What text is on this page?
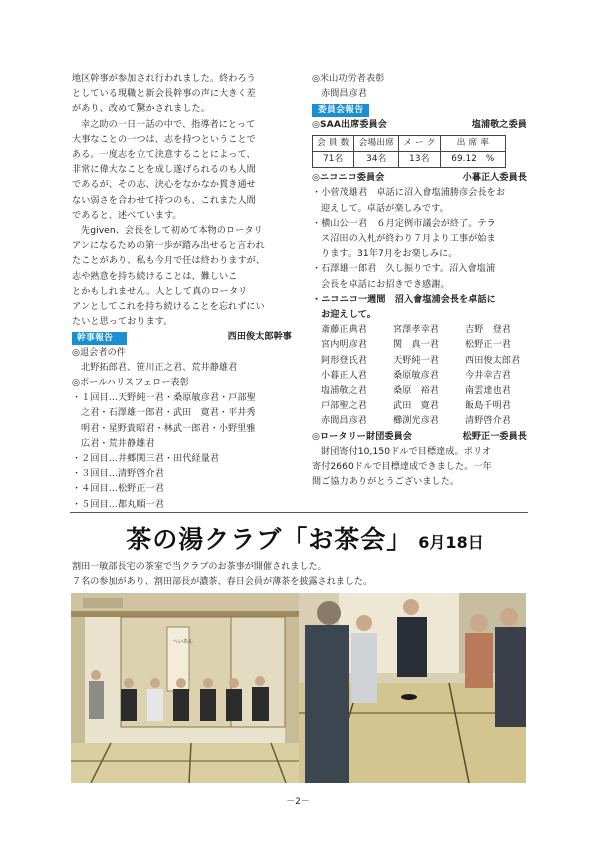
地区幹事が参加され行われました。終わろう

としている現職と新会長幹事の声に大きく差

があり、改めて驚かされました。

幸之助の一日一話の中で、指導者にとって

大事なことの一つは、志を持つということで

ある。一度志を立て決意することによって、

非常に偉大なことを成し遂げられるのも人間

であるが、その志、決心をなかなか貫き通せ

ない弱さを合わせて持つのも、これまた人間

であると、述べています。

先given、会長をして初めて本物のロータリ

アンになるための第一歩が踏み出せると言われ

たことがあり、私も今月で任は終わりますが、

志や熟意を持ち続けることは、難しいこ

とかもしれません。人として真のロータリ

アンとしてこれを持ち続けることを忘れずにい

たいと思っております。

幹事報告	西田俊太郎幹事

◎退会者の件

北野拓郎君、笹川正之君、荒井静雄君

◎ポールハリスフェロー表彰

・１回目…天野純一君・桑原敏彦君・戸部聖

之君・石澤雄一郎君・武田　寛君・平井秀

明君・星野貴昭君・林武一郎君・小野里雅

広君・荒井静雄君

・２回目…井郷関三君・田代経量君

・３回目…清野啓介君

・４回目…松野正一君

・５回目…都丸順一君

◎米山功労者表彰

赤間昌彦君

委員会報告
◎SAA出席委員会	塩浦敬之委員
会 員 数	会場出席	メ ー ク	出 席 率
71名	34名	13名	69.12　%
◎ニコニコ委員会	小暮正人委員長

・小菅茂雄君　卓話に沼入會塩浦勝彦会長をお

迎えして。卓話が楽しみです。

・横山公一君　６月定例市議会が終了。テラ

ス沼田の入札が終わり７月より工事が始ま

ります。31年7月をお楽しみに。

・石澤雄一郎君　久し振りです。沼入會塩浦

会長を卓話にお招きでき感謝。

・ニコニコ一週間　沼入會塩浦会長を卓話に

お迎えして。

斎藤正典君	宮澤孝幸君	吉野　登君
宮内明彦君	関　真一君	松野正一君
阿形登氏君	天野純一君	西田俊太郎君
小暮正人君	桑原敏彦君	今井幸吉君
塩浦敬之君	桑原　裕君	南雲達也君
戸部聖之君	武田　寛君	飯島千明君
赤間昌彦君	櫛渕光彦君	清野啓介君
◎ロータリー財団委員会	松野正一委員長

財団寄付10,150ドルで目標達成。ポリオ

寄付2660ドルで目標達成できました。一年

間ご協力ありがとうございました。

茶の湯クラブ「お茶会」 6月18日

割田一敏部長宅の茶室で当クラブのお茶事が開催されました。

７名の参加があり、割田部長が濃茶、春日会員が薄茶を披露されました。

へいあん
－2－
